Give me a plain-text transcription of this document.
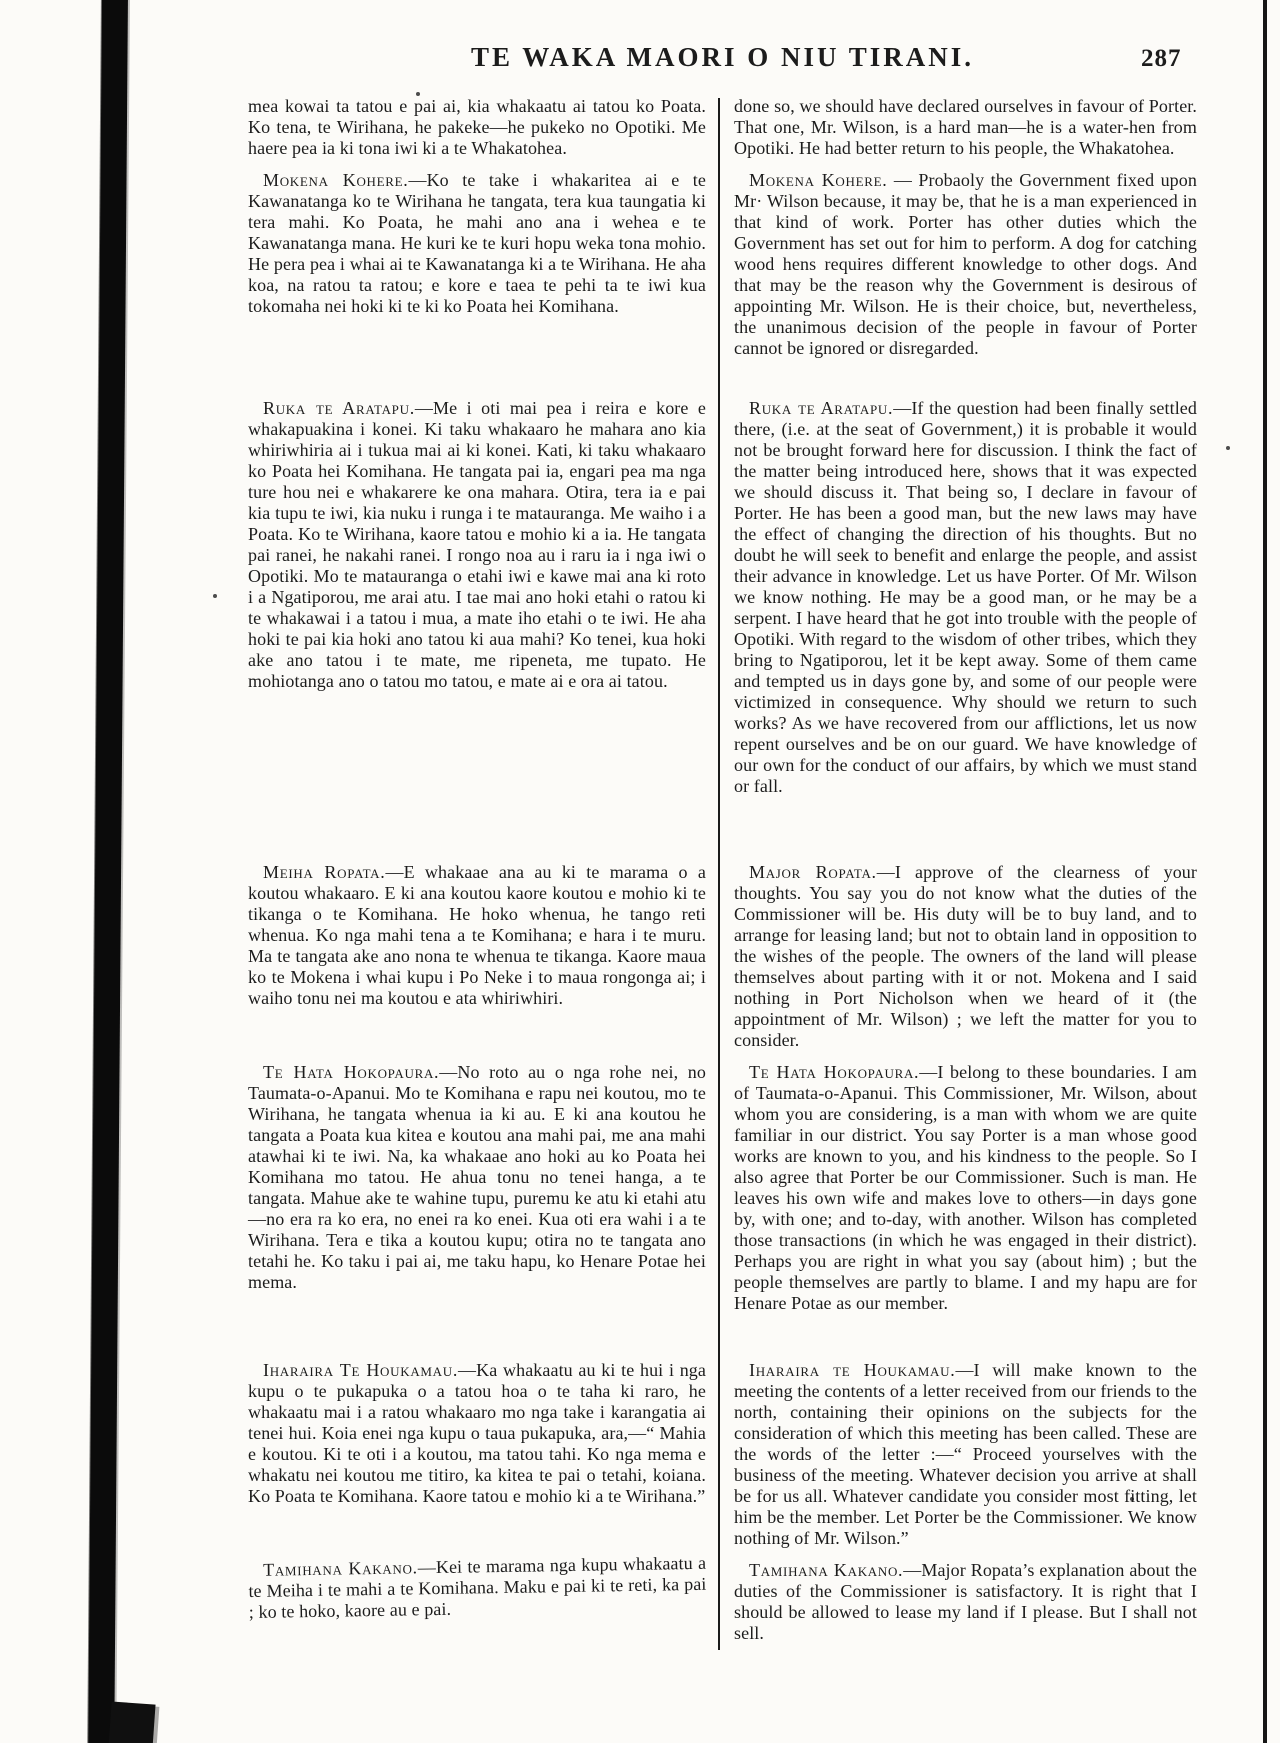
TE WAKA MAORI O NIU TIRANI.	287

mea kowai ta tatou e pai ai, kia whakaatu ai tatou ko Poata. Ko tena, te Wirihana, he pakeke—he pukeko no Opotiki. Me haere pea ia ki tona iwi ki a te Whakatohea.

done so, we should have declared ourselves in favour of Porter. That one, Mr. Wilson, is a hard man—he is a water-hen from Opotiki. He had better return to his people, the Whakatohea.

Mokena Kohere.—Ko te take i whakaritea ai e te Kawanatanga ko te Wirihana he tangata, tera kua taungatia ki tera mahi. Ko Poata, he mahi ano ana i wehea e te Kawanatanga mana. He kuri ke te kuri hopu weka tona mohio. He pera pea i whai ai te Kawanatanga ki a te Wirihana. He aha koa, na ratou ta ratou; e kore e taea te pehi ta te iwi kua tokomaha nei hoki ki te ki ko Poata hei Komihana.

Mokena Kohere. — Probaoly the Government fixed upon Mr· Wilson because, it may be, that he is a man experienced in that kind of work. Porter has other duties which the Government has set out for him to perform. A dog for catching wood hens requires different knowledge to other dogs. And that may be the reason why the Government is desirous of appointing Mr. Wilson. He is their choice, but, nevertheless, the unanimous decision of the people in favour of Porter cannot be ignored or disregarded.

Ruka te Aratapu.—Me i oti mai pea i reira e kore e whakapuakina i konei. Ki taku whakaaro he mahara ano kia whiriwhiria ai i tukua mai ai ki konei. Kati, ki taku whakaaro ko Poata hei Komihana. He tangata pai ia, engari pea ma nga ture hou nei e whakarere ke ona mahara. Otira, tera ia e pai kia tupu te iwi, kia nuku i runga i te matauranga. Me waiho i a Poata. Ko te Wirihana, kaore tatou e mohio ki a ia. He tangata pai ranei, he nakahi ranei. I rongo noa au i raru ia i nga iwi o Opotiki. Mo te matauranga o etahi iwi e kawe mai ana ki roto i a Ngatiporou, me arai atu. I tae mai ano hoki etahi o ratou ki te whakawai i a tatou i mua, a mate iho etahi o te iwi. He aha hoki te pai kia hoki ano tatou ki aua mahi? Ko tenei, kua hoki ake ano tatou i te mate, me ripeneta, me tupato. He mohiotanga ano o tatou mo tatou, e mate ai e ora ai tatou.

Ruka te Aratapu.—If the question had been finally settled there, (i.e. at the seat of Government,) it is probable it would not be brought forward here for discussion. I think the fact of the matter being introduced here, shows that it was expected we should discuss it. That being so, I declare in favour of Porter. He has been a good man, but the new laws may have the effect of changing the direction of his thoughts. But no doubt he will seek to benefit and enlarge the people, and assist their advance in knowledge. Let us have Porter. Of Mr. Wilson we know nothing. He may be a good man, or he may be a serpent. I have heard that he got into trouble with the people of Opotiki. With regard to the wisdom of other tribes, which they bring to Ngatiporou, let it be kept away. Some of them came and tempted us in days gone by, and some of our people were victimized in consequence. Why should we return to such works? As we have recovered from our afflictions, let us now repent ourselves and be on our guard. We have knowledge of our own for the conduct of our affairs, by which we must stand or fall.

Meiha Ropata.—E whakaae ana au ki te marama o a koutou whakaaro. E ki ana koutou kaore koutou e mohio ki te tikanga o te Komihana. He hoko whenua, he tango reti whenua. Ko nga mahi tena a te Komihana; e hara i te muru. Ma te tangata ake ano nona te whenua te tikanga. Kaore maua ko te Mokena i whai kupu i Po Neke i to maua rongonga ai; i waiho tonu nei ma koutou e ata whiriwhiri.

Major Ropata.—I approve of the clearness of your thoughts. You say you do not know what the duties of the Commissioner will be. His duty will be to buy land, and to arrange for leasing land; but not to obtain land in opposition to the wishes of the people. The owners of the land will please themselves about parting with it or not. Mokena and I said nothing in Port Nicholson when we heard of it (the appointment of Mr. Wilson) ; we left the matter for you to consider.

Te Hata Hokopaura.—No roto au o nga rohe nei, no Taumata-o-Apanui. Mo te Komihana e rapu nei koutou, mo te Wirihana, he tangata whenua ia ki au. E ki ana koutou he tangata a Poata kua kitea e koutou ana mahi pai, me ana mahi atawhai ki te iwi. Na, ka whakaae ano hoki au ko Poata hei Komihana mo tatou. He ahua tonu no tenei hanga, a te tangata. Mahue ake te wahine tupu, puremu ke atu ki etahi atu—no era ra ko era, no enei ra ko enei. Kua oti era wahi i a te Wirihana. Tera e tika a koutou kupu; otira no te tangata ano tetahi he. Ko taku i pai ai, me taku hapu, ko Henare Potae hei mema.

Te Hata Hokopaura.—I belong to these boundaries. I am of Taumata-o-Apanui. This Commissioner, Mr. Wilson, about whom you are considering, is a man with whom we are quite familiar in our district. You say Porter is a man whose good works are known to you, and his kindness to the people. So I also agree that Porter be our Commissioner. Such is man. He leaves his own wife and makes love to others—in days gone by, with one; and to-day, with another. Wilson has completed those transactions (in which he was engaged in their district). Perhaps you are right in what you say (about him) ; but the people themselves are partly to blame. I and my hapu are for Henare Potae as our member.

Iharaira Te Houkamau.—Ka whakaatu au ki te hui i nga kupu o te pukapuka o a tatou hoa o te taha ki raro, he whakaatu mai i a ratou whakaaro mo nga take i karangatia ai tenei hui. Koia enei nga kupu o taua pukapuka, ara,—“ Mahia e koutou. Ki te oti i a koutou, ma tatou tahi. Ko nga mema e whakatu nei koutou me titiro, ka kitea te pai o tetahi, koiana. Ko Poata te Komihana. Kaore tatou e mohio ki a te Wirihana.”

Iharaira te Houkamau.—I will make known to the meeting the contents of a letter received from our friends to the north, containing their opinions on the subjects for the consideration of which this meeting has been called. These are the words of the letter :—“ Proceed yourselves with the business of the meeting. Whatever decision you arrive at shall be for us all. Whatever candidate you consider most fitting, let him be the member. Let Porter be the Commissioner. We know nothing of Mr. Wilson.”

Tamihana Kakano.—Kei te marama nga kupu whakaatu a te Meiha i te mahi a te Komihana. Maku e pai ki te reti, ka pai ; ko te hoko, kaore au e pai.

Tamihana Kakano.—Major Ropata’s explanation about the duties of the Commissioner is satisfactory. It is right that I should be allowed to lease my land if I please. But I shall not sell.
